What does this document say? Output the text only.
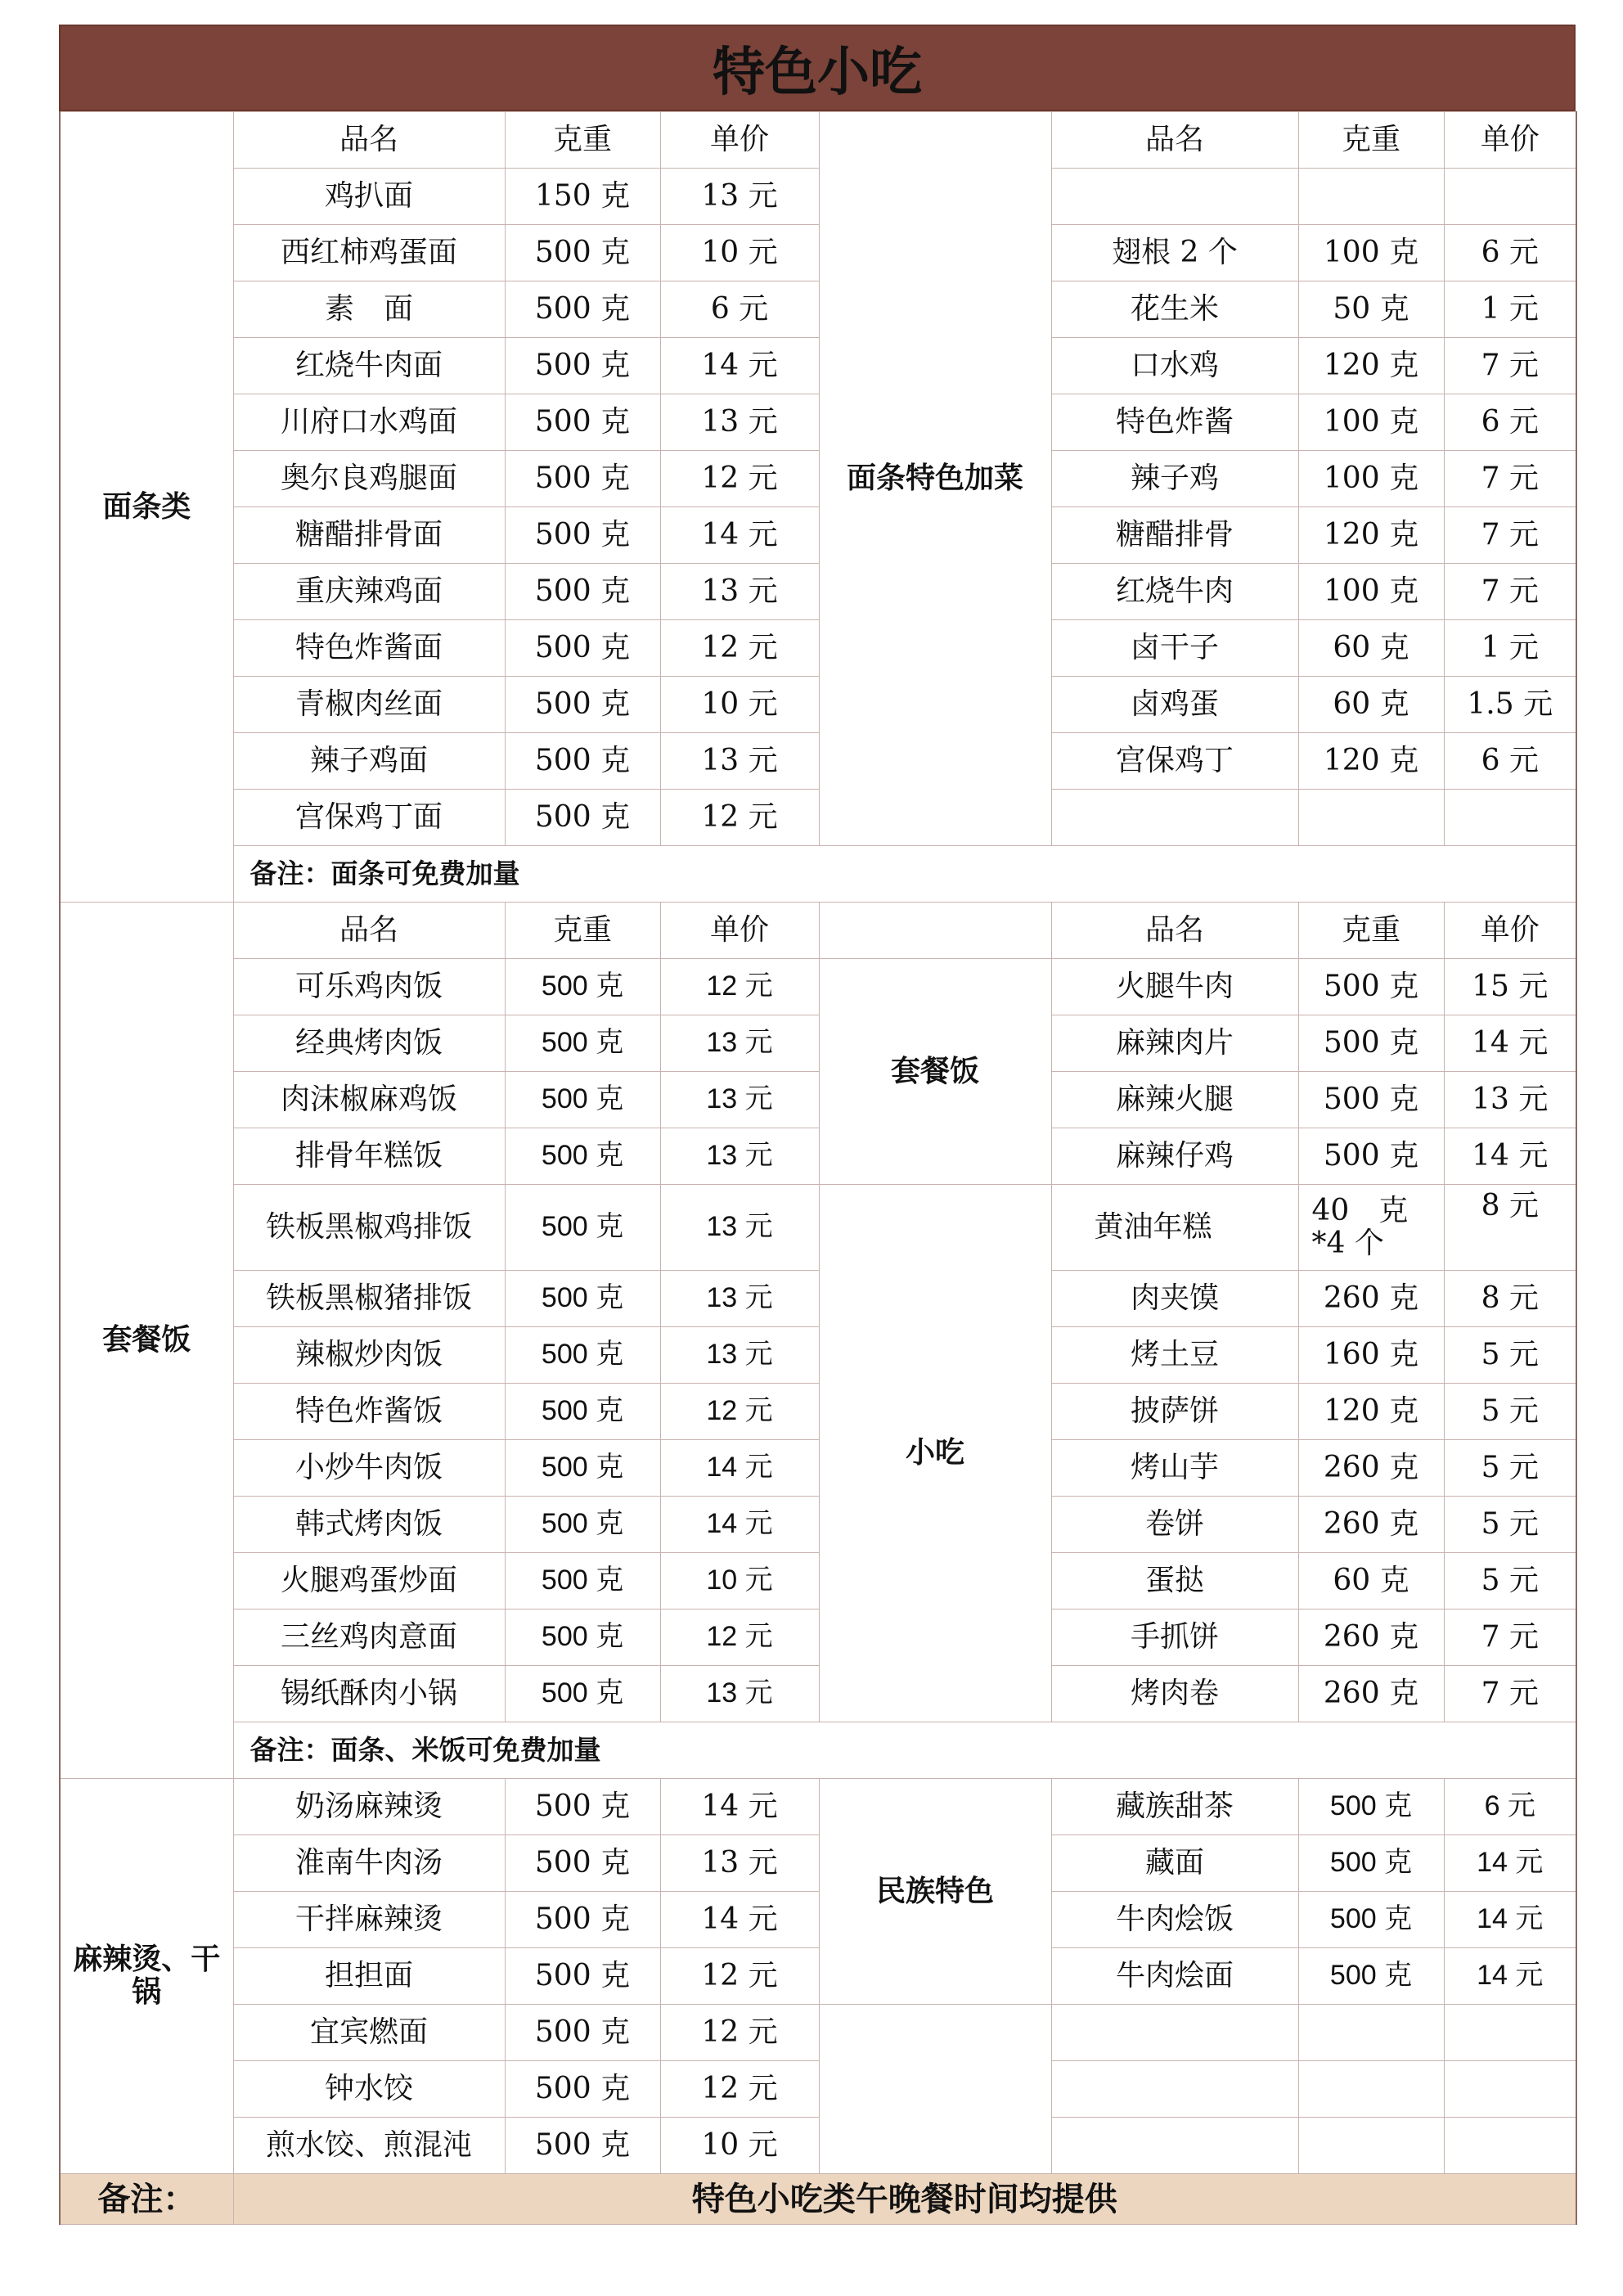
特色小吃
面条类	品名	克重	单价	面条特色加菜	品名	克重	单价
	鸡扒面	150 克	13 元				
	西红柿鸡蛋面	500 克	10 元		翅根 2 个	100 克	6 元
	素　面	500 克	6 元		花生米	50 克	1 元
	红烧牛肉面	500 克	14 元		口水鸡	120 克	7 元
	川府口水鸡面	500 克	13 元		特色炸酱	100 克	6 元
	奥尔良鸡腿面	500 克	12 元		辣子鸡	100 克	7 元
	糖醋排骨面	500 克	14 元		糖醋排骨	120 克	7 元
	重庆辣鸡面	500 克	13 元		红烧牛肉	100 克	7 元
	特色炸酱面	500 克	12 元		卤干子	60 克	1 元
	青椒肉丝面	500 克	10 元		卤鸡蛋	60 克	1.5 元
	辣子鸡面	500 克	13 元		宫保鸡丁	120 克	6 元
	宫保鸡丁面	500 克	12 元				
	备注：面条可免费加量						
套餐饭	品名	克重	单价		品名	克重	单价
	可乐鸡肉饭	500 克	12 元	套餐饭	火腿牛肉	500 克	15 元
	经典烤肉饭	500 克	13 元		麻辣肉片	500 克	14 元
	肉沫椒麻鸡饭	500 克	13 元		麻辣火腿	500 克	13 元
	排骨年糕饭	500 克	13 元		麻辣仔鸡	500 克	14 元
	铁板黑椒鸡排饭	500 克	13 元	小吃	黄油年糕	40　克 *4 个	8 元
	铁板黑椒猪排饭	500 克	13 元		肉夹馍	260 克	8 元
	辣椒炒肉饭	500 克	13 元		烤土豆	160 克	5 元
	特色炸酱饭	500 克	12 元		披萨饼	120 克	5 元
	小炒牛肉饭	500 克	14 元		烤山芋	260 克	5 元
	韩式烤肉饭	500 克	14 元		卷饼	260 克	5 元
	火腿鸡蛋炒面	500 克	10 元		蛋挞	60 克	5 元
	三丝鸡肉意面	500 克	12 元		手抓饼	260 克	7 元
	锡纸酥肉小锅	500 克	13 元		烤肉卷	260 克	7 元
	备注：面条、米饭可免费加量						
麻辣烫、干锅	奶汤麻辣烫	500 克	14 元	民族特色	藏族甜茶	500 克	6 元
	淮南牛肉汤	500 克	13 元		藏面	500 克	14 元
	干拌麻辣烫	500 克	14 元		牛肉烩饭	500 克	14 元
	担担面	500 克	12 元		牛肉烩面	500 克	14 元
	宜宾燃面	500 克	12 元				
	钟水饺	500 克	12 元				
	煎水饺、煎混沌	500 克	10 元				
备注：	特色小吃类午晚餐时间均提供						
